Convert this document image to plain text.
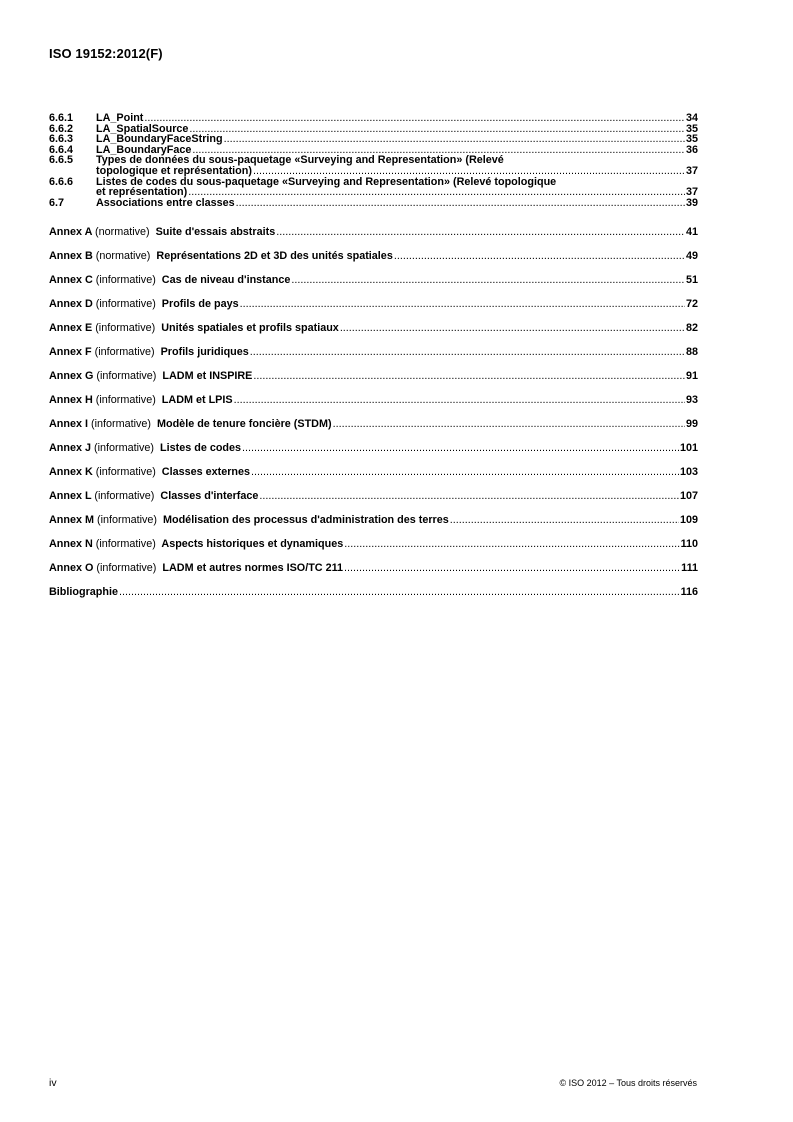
ISO 19152:2012(F)
6.6.1	LA_Point .....	34
6.6.2	LA_SpatialSource .....	35
6.6.3	LA_BoundaryFaceString .....	35
6.6.4	LA_BoundaryFace .....	36
6.6.5	Types de données du sous-paquetage «Surveying and Representation» (Relevé
topologique et représentation) .....	37
6.6.6	Listes de codes du sous-paquetage «Surveying and Representation» (Relevé topologique
et représentation) .....	37
6.7	Associations entre classes .....	39
Annex A (normative) Suite d'essais abstraits .....	41
Annex B (normative) Représentations 2D et 3D des unités spatiales .....	49
Annex C (informative) Cas de niveau d'instance .....	51
Annex D (informative) Profils de pays .....	72
Annex E (informative) Unités spatiales et profils spatiaux .....	82
Annex F (informative) Profils juridiques .....	88
Annex G (informative) LADM et INSPIRE .....	91
Annex H (informative) LADM et LPIS .....	93
Annex I (informative) Modèle de tenure foncière (STDM) .....	99
Annex J (informative) Listes de codes .....	101
Annex K (informative) Classes externes .....	103
Annex L (informative) Classes d'interface .....	107
Annex M (informative) Modélisation des processus d'administration des terres .....	109
Annex N (informative) Aspects historiques et dynamiques .....	110
Annex O (informative) LADM et autres normes ISO/TC 211 .....	111
Bibliographie .....	116
iv	© ISO 2012 – Tous droits réservés
